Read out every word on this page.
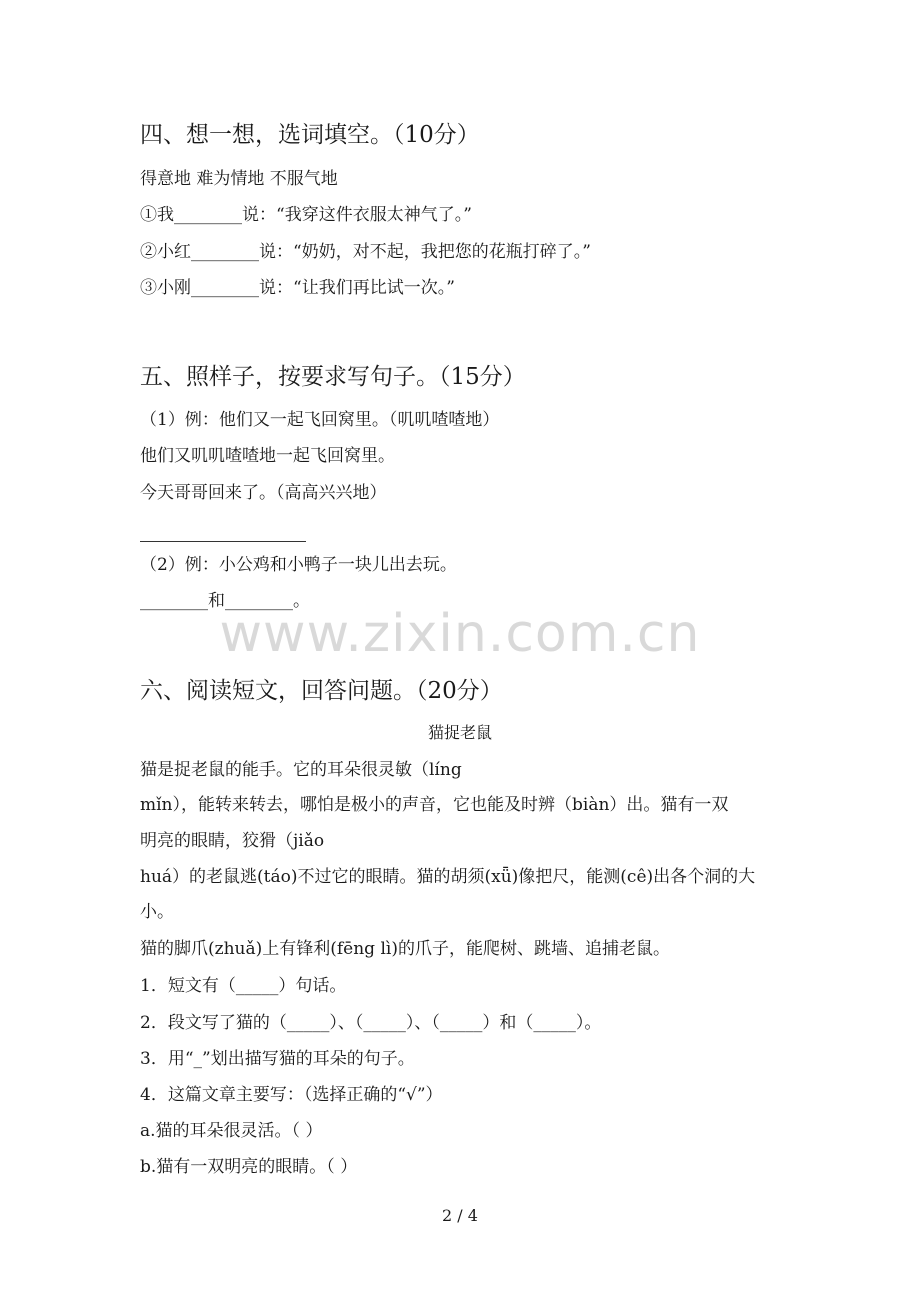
四、想一想，选词填空。（10分）
得意地 难为情地 不服气地
①我________说：“我穿这件衣服太神气了。”
②小红________说：“奶奶，对不起，我把您的花瓶打碎了。”
③小刚________说：“让我们再比试一次。”
五、照样子，按要求写句子。（15分）
（1）例：他们又一起飞回窝里。（叽叽喳喳地）
他们又叽叽喳喳地一起飞回窝里。
今天哥哥回来了。（高高兴兴地）
（2）例：小公鸡和小鸭子一块儿出去玩。
________和________。
www.zixin.com.cn
六、阅读短文，回答问题。（20分）
猫捉老鼠
猫是捉老鼠的能手。它的耳朵很灵敏（líng
mǐn），能转来转去，哪怕是极小的声音，它也能及时辨（biàn）出。猫有一双
明亮的眼睛，狡猾（jiǎo
huá）的老鼠逃(táo)不过它的眼睛。猫的胡须(xǖ)像把尺，能测(cê)出各个洞的大
小。
猫的脚爪(zhuǎ)上有锋利(fēng lì)的爪子，能爬树、跳墙、追捕老鼠。
1．短文有（_____）句话。
2．段文写了猫的（_____）、（_____）、（_____）和（_____）。
3．用“_”划出描写猫的耳朵的句子。
4．这篇文章主要写：（选择正确的“√”）
a.猫的耳朵很灵活。（ ）
b.猫有一双明亮的眼睛。（ ）
2 / 4
